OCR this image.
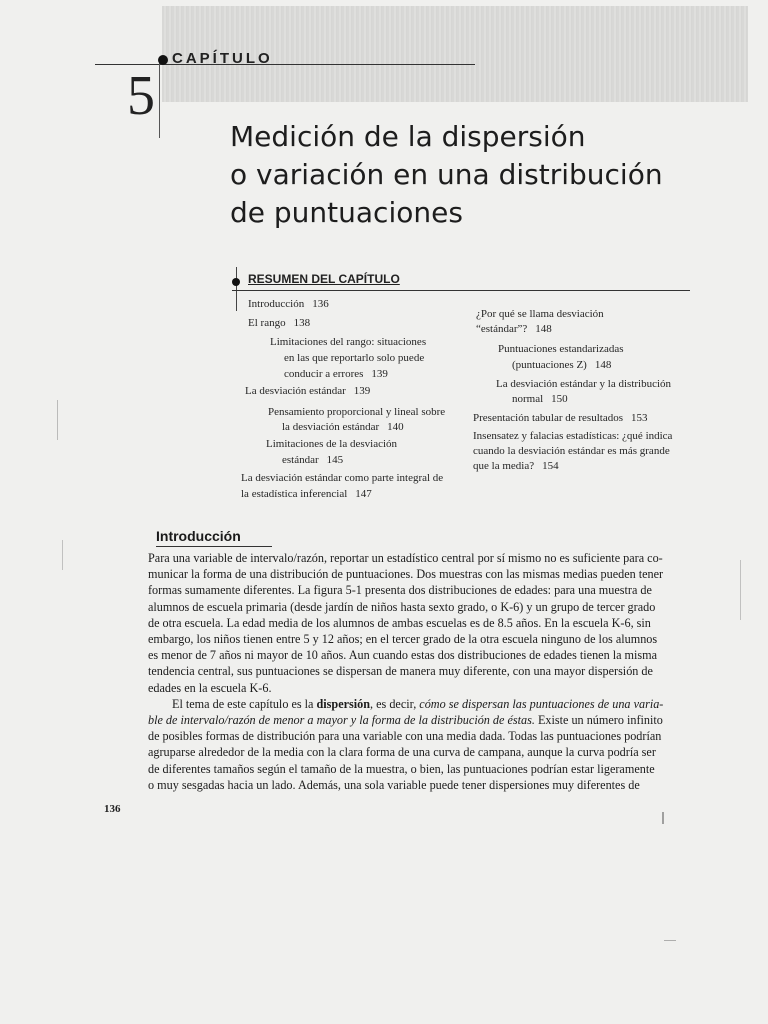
CAPÍTULO
5
Medición de la dispersión
o variación en una distribución
de puntuaciones
RESUMEN DEL CAPÍTULO
Introducción 136
El rango 138
Limitaciones del rango: situaciones
en las que reportarlo solo puede
conducir a errores 139
La desviación estándar 139
Pensamiento proporcional y lineal sobre
la desviación estándar 140
Limitaciones de la desviación
estándar 145
La desviación estándar como parte integral de
la estadística inferencial 147
¿Por qué se llama desviación
“estándar”? 148
Puntuaciones estandarizadas
(puntuaciones Z) 148
La desviación estándar y la distribución
normal 150
Presentación tabular de resultados 153
Insensatez y falacias estadísticas: ¿qué indica
cuando la desviación estándar es más grande
que la media? 154
Introducción
Para una variable de intervalo/razón, reportar un estadístico central por sí mismo no es suficiente para co-
municar la forma de una distribución de puntuaciones. Dos muestras con las mismas medias pueden tener
formas sumamente diferentes. La figura 5-1 presenta dos distribuciones de edades: para una muestra de
alumnos de escuela primaria (desde jardín de niños hasta sexto grado, o K-6) y un grupo de tercer grado
de otra escuela. La edad media de los alumnos de ambas escuelas es de 8.5 años. En la escuela K-6, sin
embargo, los niños tienen entre 5 y 12 años; en el tercer grado de la otra escuela ninguno de los alumnos
es menor de 7 años ni mayor de 10 años. Aun cuando estas dos distribuciones de edades tienen la misma
tendencia central, sus puntuaciones se dispersan de manera muy diferente, con una mayor dispersión de
edades en la escuela K-6.
El tema de este capítulo es la dispersión, es decir, cómo se dispersan las puntuaciones de una varia-
ble de intervalo/razón de menor a mayor y la forma de la distribución de éstas. Existe un número infinito
de posibles formas de distribución para una variable con una media dada. Todas las puntuaciones podrían
agruparse alrededor de la media con la clara forma de una curva de campana, aunque la curva podría ser
de diferentes tamaños según el tamaño de la muestra, o bien, las puntuaciones podrían estar ligeramente
o muy sesgadas hacia un lado. Además, una sola variable puede tener dispersiones muy diferentes de
136
